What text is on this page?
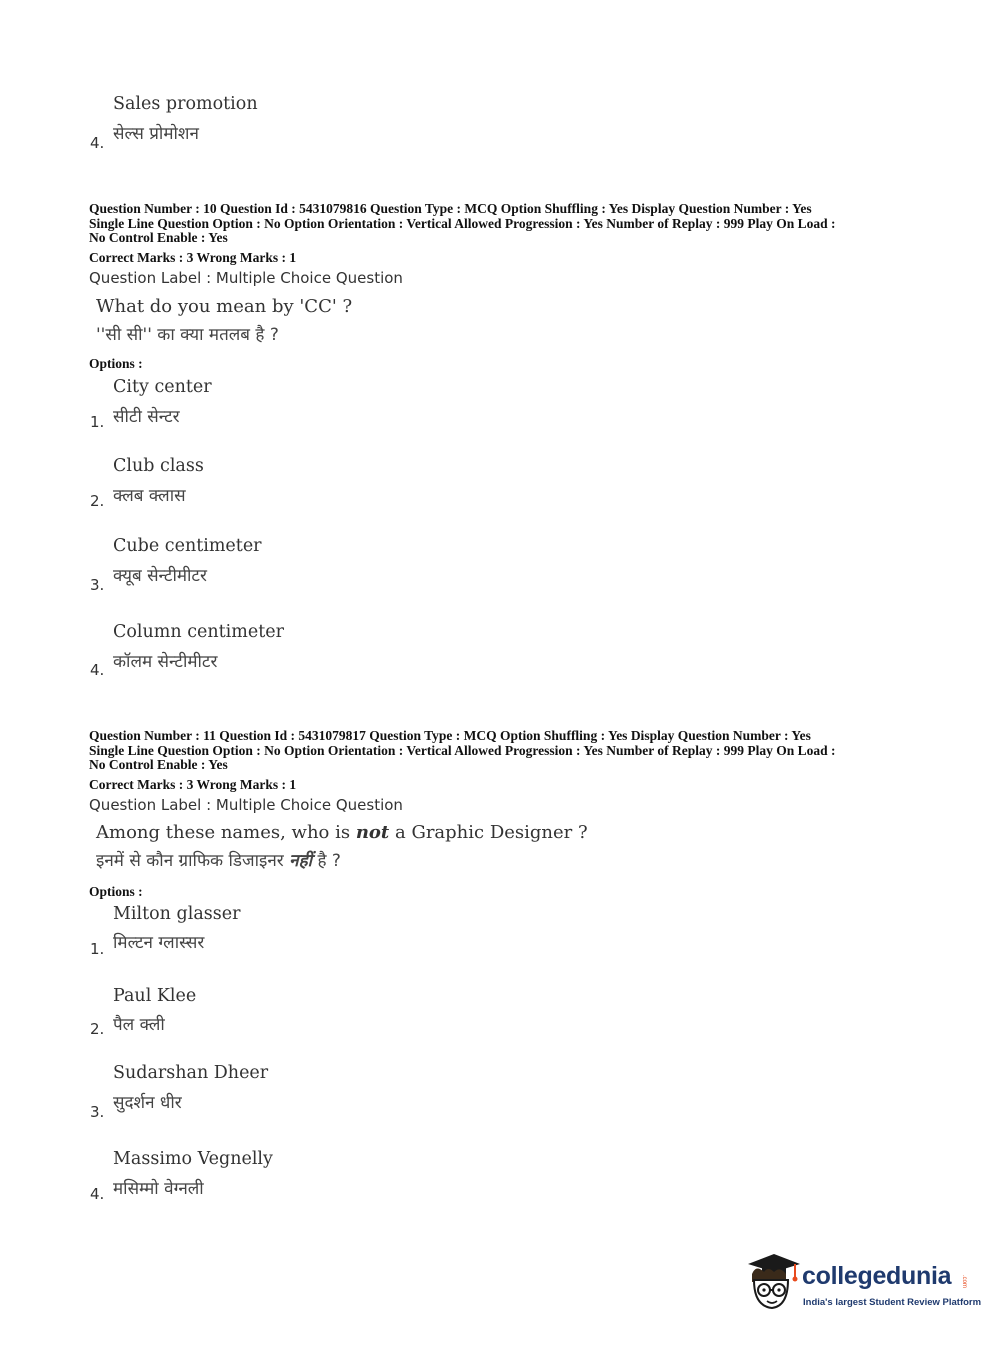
Sales promotion
सेल्स प्रोमोशन
4.
Question Number : 10 Question Id : 5431079816 Question Type : MCQ Option Shuffling : Yes Display Question Number : Yes
Single Line Question Option : No Option Orientation : Vertical Allowed Progression : Yes Number of Replay : 999 Play On Load :
No Control Enable : Yes
Correct Marks : 3 Wrong Marks : 1
Question Label : Multiple Choice Question
What do you mean by 'CC' ?
''सी सी'' का क्या मतलब है ?
Options :
City center
सीटी सेन्टर
1.
Club class
क्लब क्लास
2.
Cube centimeter
क्यूब सेन्टीमीटर
3.
Column centimeter
कॉलम सेन्टीमीटर
4.
Question Number : 11 Question Id : 5431079817 Question Type : MCQ Option Shuffling : Yes Display Question Number : Yes
Single Line Question Option : No Option Orientation : Vertical Allowed Progression : Yes Number of Replay : 999 Play On Load :
No Control Enable : Yes
Correct Marks : 3 Wrong Marks : 1
Question Label : Multiple Choice Question
Among these names, who is not a Graphic Designer ?
इनमें से कौन ग्राफिक डिजाइनर नहीं है ?
Options :
Milton glasser
मिल्टन ग्लास्सर
1.
Paul Klee
पैल क्ली
2.
Sudarshan Dheer
सुदर्शन धीर
3.
Massimo Vegnelly
मसिम्मो वेग्नली
4.
collegedunia .com
India's largest Student Review Platform
